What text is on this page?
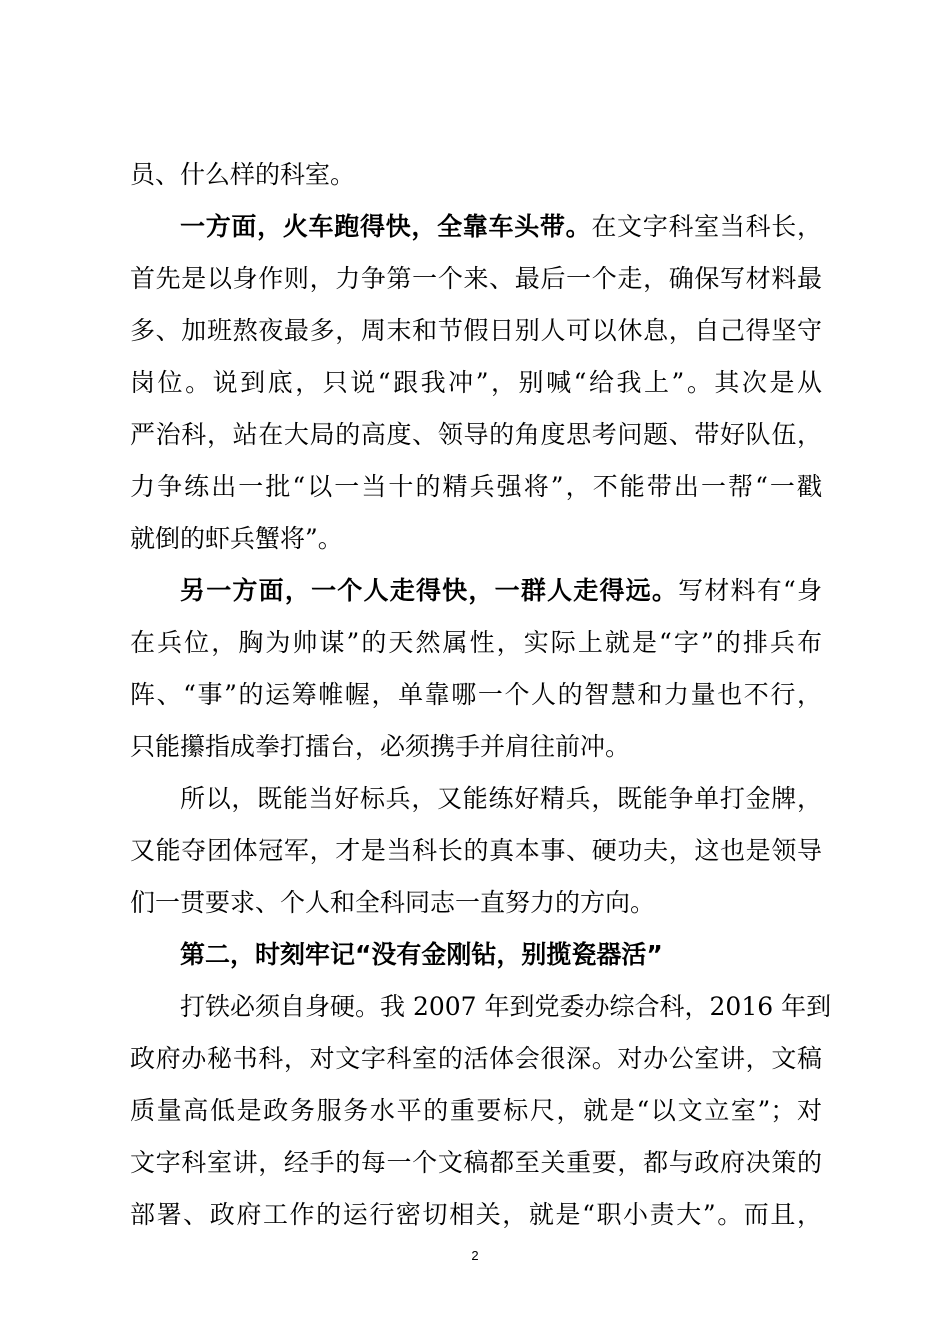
员、什么样的科室。
一方面，火车跑得快，全靠车头带。在文字科室当科长，
首先是以身作则，力争第一个来、最后一个走，确保写材料最
多、加班熬夜最多，周末和节假日别人可以休息，自己得坚守
岗位。说到底，只说“跟我冲”，别喊“给我上”。其次是从
严治科，站在大局的高度、领导的角度思考问题、带好队伍，
力争练出一批“以一当十的精兵强将”，不能带出一帮“一戳
就倒的虾兵蟹将”。
另一方面，一个人走得快，一群人走得远。写材料有“身
在兵位，胸为帅谋”的天然属性，实际上就是“字”的排兵布
阵、“事”的运筹帷幄，单靠哪一个人的智慧和力量也不行，
只能攥指成拳打擂台，必须携手并肩往前冲。
所以，既能当好标兵，又能练好精兵，既能争单打金牌，
又能夺团体冠军，才是当科长的真本事、硬功夫，这也是领导
们一贯要求、个人和全科同志一直努力的方向。
第二，时刻牢记“没有金刚钻，别揽瓷器活”
打铁必须自身硬。我 2007 年到党委办综合科，2016 年到
政府办秘书科，对文字科室的活体会很深。对办公室讲，文稿
质量高低是政务服务水平的重要标尺，就是“以文立室”；对
文字科室讲，经手的每一个文稿都至关重要，都与政府决策的
部署、政府工作的运行密切相关，就是“职小责大”。而且，
2
